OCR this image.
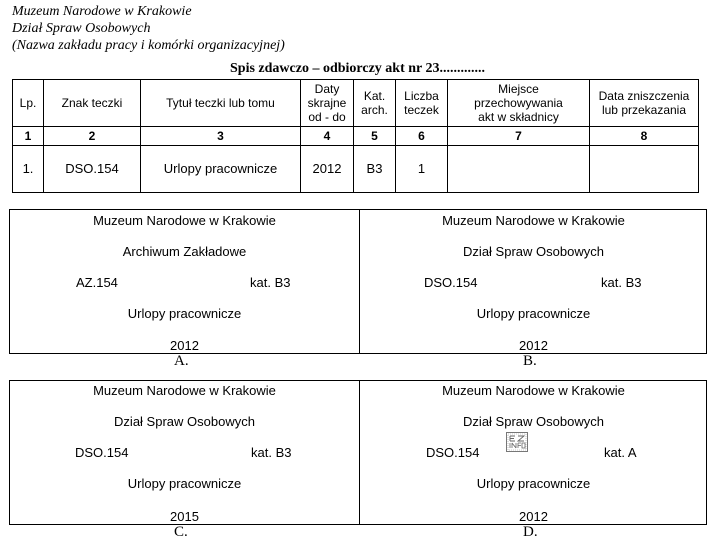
Muzeum Narodowe w Krakowie
Dział Spraw Osobowych
(Nazwa zakładu pracy i komórki organizacyjnej)
Spis zdawczo – odbiorczy akt nr 23.............
Lp.	Znak teczki	Tytuł teczki lub tomu	Daty skrajne od - do	Kat. arch.	Liczba teczek	Miejsce przechowywania akt w składnicy	Data zniszczenia lub przekazania
1	2	3	4	5	6	7	8
1.	DSO.154	Urlopy pracownicze	2012	B3	1		
Muzeum Narodowe w Krakowie
Archiwum Zakładowe
AZ.154	kat. B3
Urlopy pracownicze
2012
Muzeum Narodowe w Krakowie
Dział Spraw Osobowych
DSO.154	kat. B3
Urlopy pracownicze
2012
A.	B.
Muzeum Narodowe w Krakowie
Dział Spraw Osobowych
DSO.154	kat. B3
Urlopy pracownicze
2015
Muzeum Narodowe w Krakowie
Dział Spraw Osobowych
DSO.154	kat. A
Urlopy pracownicze
2012
C.	D.
